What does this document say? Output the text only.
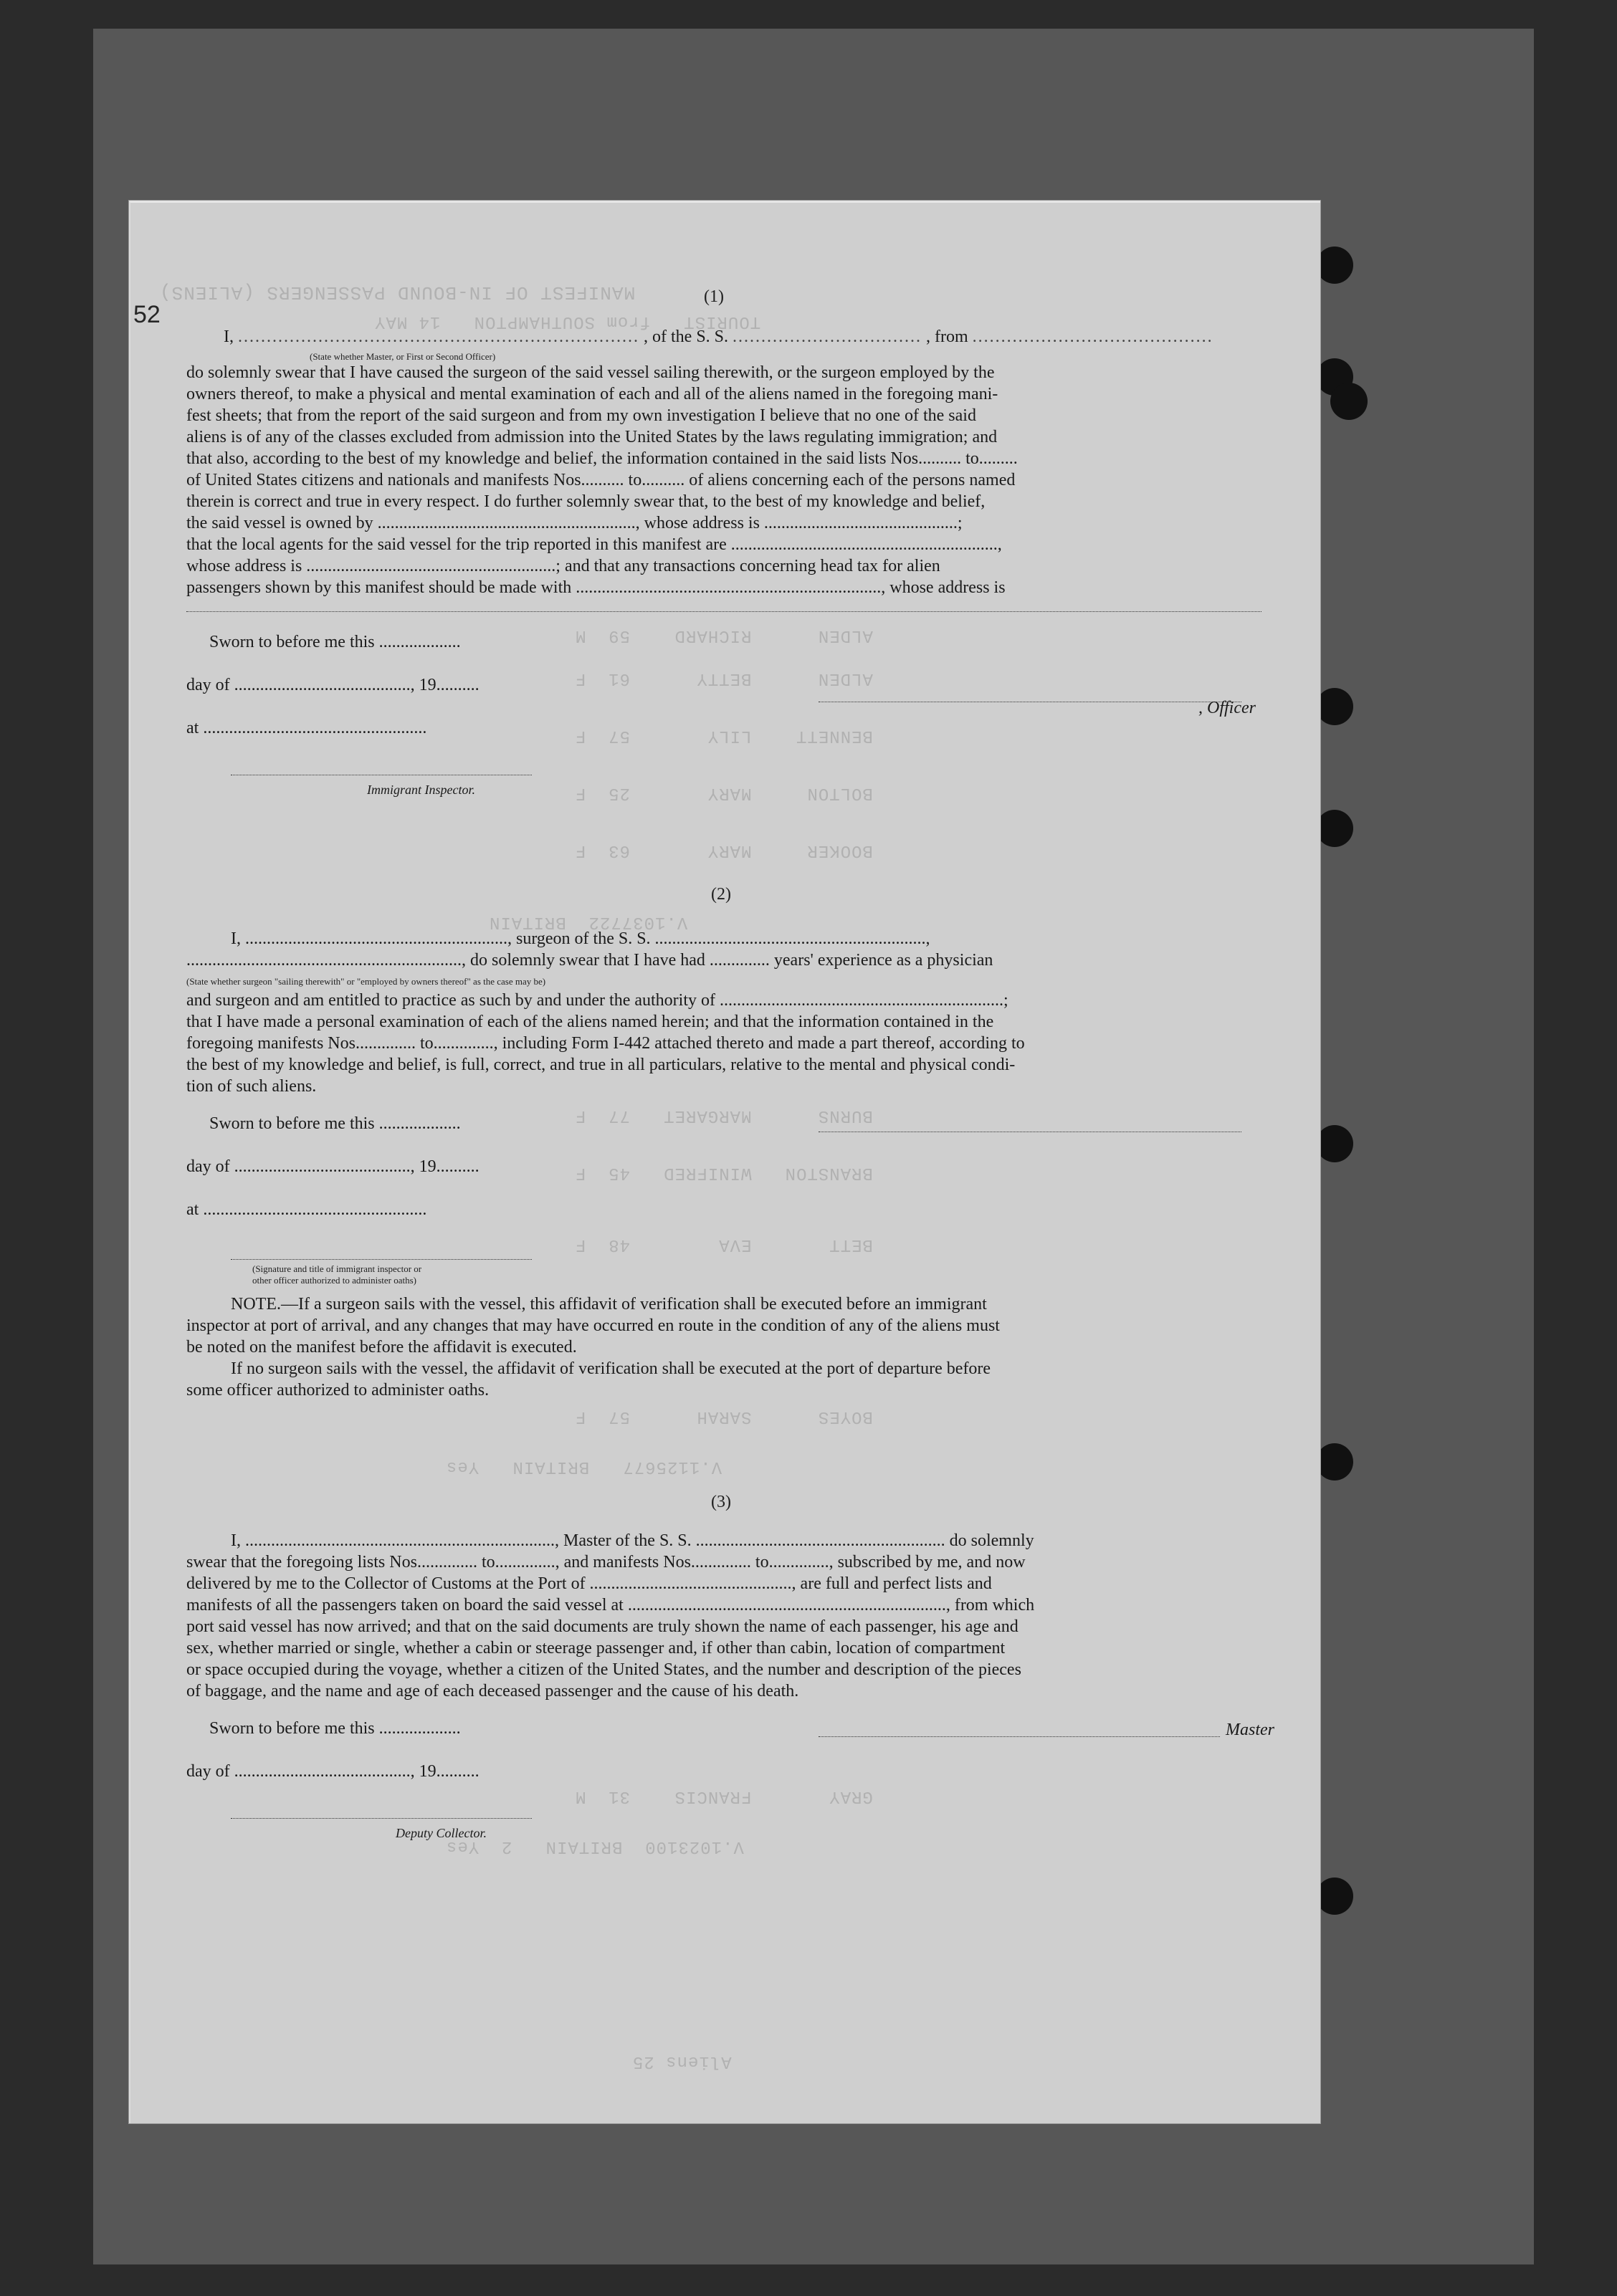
MANIFEST OF IN-BOUND PASSENGERS (ALIENS)
TOURIST   from SOUTHAMPTON   14 MAY
ALDEN      RICHARD    59  M
ALDEN      BETTY      61  F
BENNETT    LILY       57  F
BOLTON     MARY       25  F
BOOKER     MARY       63  F
V.1037722  BRITAIN
BURNS      MARGARET   77  F
BRANSTON   WINIFRED   45  F
BETT       EVA        48  F
BOYES      SARAH      57  F
V.1125677   BRITAIN   Yes
GRAY       FRANCIS    31  M
V.1023100  BRITAIN   2  Yes
Aliens 25
(1)
I, ...................................................................... , of the S. S. ................................. , from ..........................................
(State whether Master, or First or Second Officer)
do solemnly swear that I have caused the surgeon of the said vessel sailing therewith, or the surgeon employed by the
owners thereof, to make a physical and mental examination of each and all of the aliens named in the foregoing mani-
fest sheets; that from the report of the said surgeon and from my own investigation I believe that no one of the said
aliens is of any of the classes excluded from admission into the United States by the laws regulating immigration; and
that also, according to the best of my knowledge and belief, the information contained in the said lists Nos.......... to.........
of United States citizens and nationals and manifests Nos.......... to.......... of aliens concerning each of the persons named
therein is correct and true in every respect. I do further solemnly swear that, to the best of my knowledge and belief,
the said vessel is owned by ............................................................, whose address is .............................................;
that the local agents for the said vessel for the trip reported in this manifest are ..............................................................,
whose address is ..........................................................; and that any transactions concerning head tax for alien
passengers shown by this manifest should be made with ......................................................................., whose address is
Sworn to before me this ...................
day of ........................................., 19..........
at ....................................................
, Officer
Immigrant Inspector.
(2)
I, ............................................................., surgeon of the S. S. ...............................................................,
................................................................, do solemnly swear that I have had .............. years' experience as a physician
(State whether surgeon "sailing therewith" or "employed by owners thereof" as the case may be)
and surgeon and am entitled to practice as such by and under the authority of ..................................................................;
that I have made a personal examination of each of the aliens named herein; and that the information contained in the
foregoing manifests Nos.............. to.............., including Form I-442 attached thereto and made a part thereof, according to
the best of my knowledge and belief, is full, correct, and true in all particulars, relative to the mental and physical condi-
tion of such aliens.
Sworn to before me this ...................
day of ........................................., 19..........
at ....................................................
(Signature and title of immigrant inspector or
other officer authorized to administer oaths)
NOTE.—If a surgeon sails with the vessel, this affidavit of verification shall be executed before an immigrant
inspector at port of arrival, and any changes that may have occurred en route in the condition of any of the aliens must
be noted on the manifest before the affidavit is executed.
If no surgeon sails with the vessel, the affidavit of verification shall be executed at the port of departure before
some officer authorized to administer oaths.
(3)
I, ........................................................................, Master of the S. S. .......................................................... do solemnly
swear that the foregoing lists Nos.............. to.............., and manifests Nos.............. to.............., subscribed by me, and now
delivered by me to the Collector of Customs at the Port of ..............................................., are full and perfect lists and
manifests of all the passengers taken on board the said vessel at .........................................................................., from which
port said vessel has now arrived; and that on the said documents are truly shown the name of each passenger, his age and
sex, whether married or single, whether a cabin or steerage passenger and, if other than cabin, location of compartment
or space occupied during the voyage, whether a citizen of the United States, and the number and description of the pieces
of baggage, and the name and age of each deceased passenger and the cause of his death.
Sworn to before me this ...................	Master
day of ........................................., 19..........
Deputy Collector.
52
